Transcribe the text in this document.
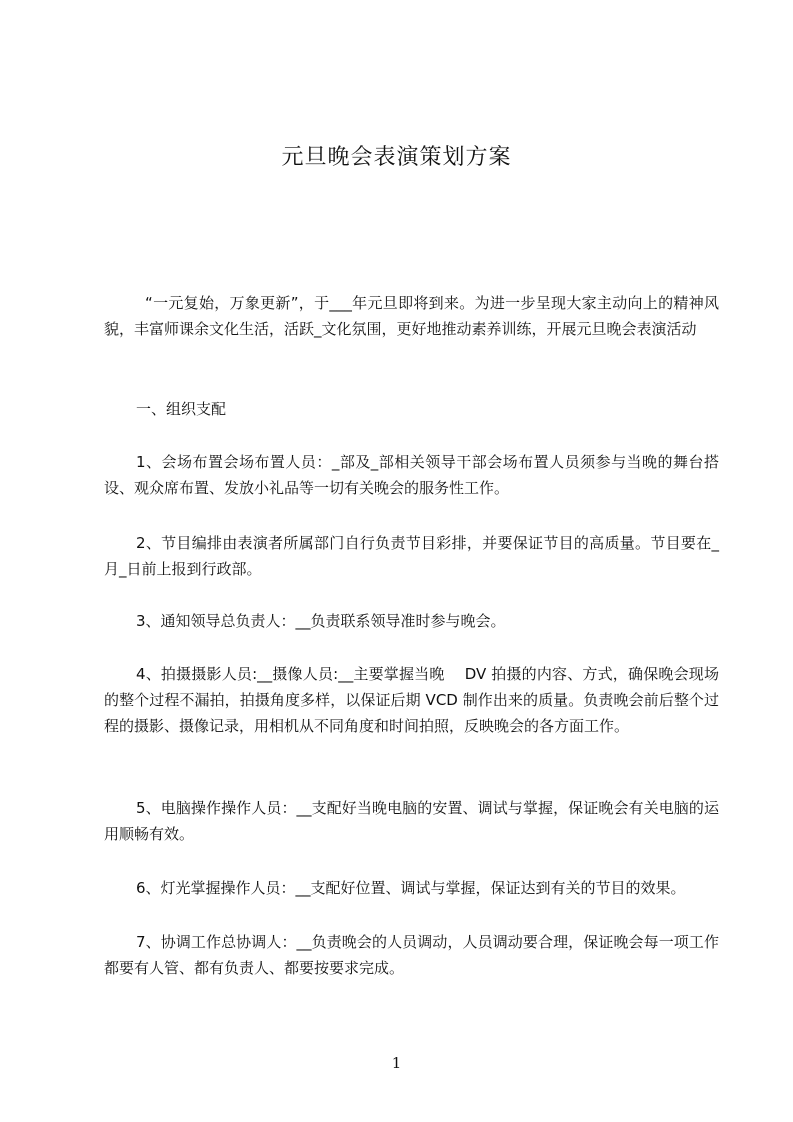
元旦晚会表演策划方案

“一元复始，万象更新”，于___年元旦即将到来。为进一步呈现大家主动向上的精神风貌，丰富师课余文化生活，活跃_文化氛围，更好地推动素养训练，开展元旦晚会表演活动

一、组织支配

1、会场布置会场布置人员：_部及_部相关领导干部会场布置人员须参与当晚的舞台搭设、观众席布置、发放小礼品等一切有关晚会的服务性工作。

2、节目编排由表演者所属部门自行负责节目彩排，并要保证节目的高质量。节目要在_月_日前上报到行政部。

3、通知领导总负责人：__负责联系领导准时参与晚会。

4、拍摄摄影人员:__摄像人员:__主要掌握当晚　 DV 拍摄的内容、方式，确保晚会现场的整个过程不漏拍，拍摄角度多样，以保证后期 VCD 制作出来的质量。负责晚会前后整个过程的摄影、摄像记录，用相机从不同角度和时间拍照，反映晚会的各方面工作。

5、电脑操作操作人员：__支配好当晚电脑的安置、调试与掌握，保证晚会有关电脑的运用顺畅有效。

6、灯光掌握操作人员：__支配好位置、调试与掌握，保证达到有关的节目的效果。

7、协调工作总协调人：__负责晚会的人员调动，人员调动要合理，保证晚会每一项工作都要有人管、都有负责人、都要按要求完成。

1
